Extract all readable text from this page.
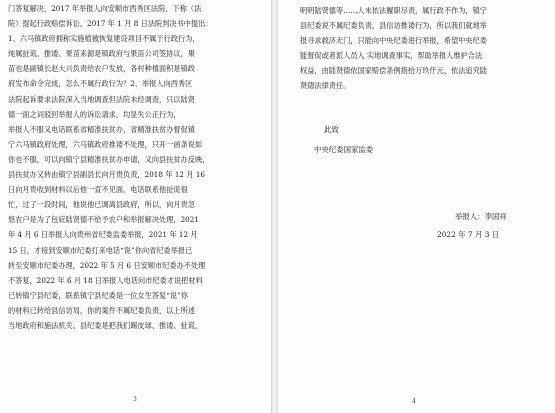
门答复解决，2017 年举报人向安顺市西秀区法院，下称（法
院）提起行政赔偿诉讼，2017 年 1 月 8 日法院判决书中提出：
1、六马镇政府拥称实施植被恢复建设项目不属于行政行为，
纯属扯谎、推诿、果苗来源是镇政府与果苗公司签协议，果
苗也是副镇长赵大兴负责给农户发放，各村种植面积是镇政
府发布命令完成，怎么不属行政行为？2、举报人向西秀区
法院起诉要求法院深入当地调查但法院未经调查，只以陆贤
德一面之词驳回举报人的诉讼请求，均显失公正行为，
举报人不服又电话联系省精准扶贫办，省精准扶贫办督促镇
宁六马镇政府处理，六马镇政府推诿不处理，只开一函条说如
你也不服，可以向镇宁县精准扶贫办申请，又向县扶贫办反映，
县扶贫办又转由镇宁县副县长向月贵负责，2018 年 12 月 16
日向月贵收到材料以后他一直不见面，电话联系他扯谎很
忙，过了一段时间，他说他已调离县政府，所以，向月贵忽
悠农户是为了包庇陆贤德不给予农户和举报解决处理，2021
年 4 月 6 日举报人向贵州省纪委监委举报，2021 年 12 月
15 日，才接到安顺市纪委打来电话“说”你向省纪委举报已
转至安顺市纪委办理，2022 年 5 月 6 日安顺市纪委办不处理
不答复，2022 年 6 月 18 日举报人电话问市纪委才说把材料
已转镇宁县纪委，联系镇宁县纪委是一位女生答复“说”你
的材料已转给县信访局，你的案件不属纪委负责，以上所述
当地政府和施法机关、县纪委是把我们踢皮球、推诿、扯谎，
明明陆贤德等……人未依法履职尽责，属行政不作为，镇宁
县纪委说不属纪委负责，县信访推诿行为，所以我们就地举
报寻求救济无门，只能向中央纪委进行举报，希望中央纪委
能督促或者派人员入 实地调查事实，帮助举报人维护合法
权益，由陆贤德依国家赔偿条例措拾万玖仟元，依法追究陆
贤德法律责任。
此致
中央纪委国家监委
举报人：李国祥
2022 年 7 月 3 日
3	4
